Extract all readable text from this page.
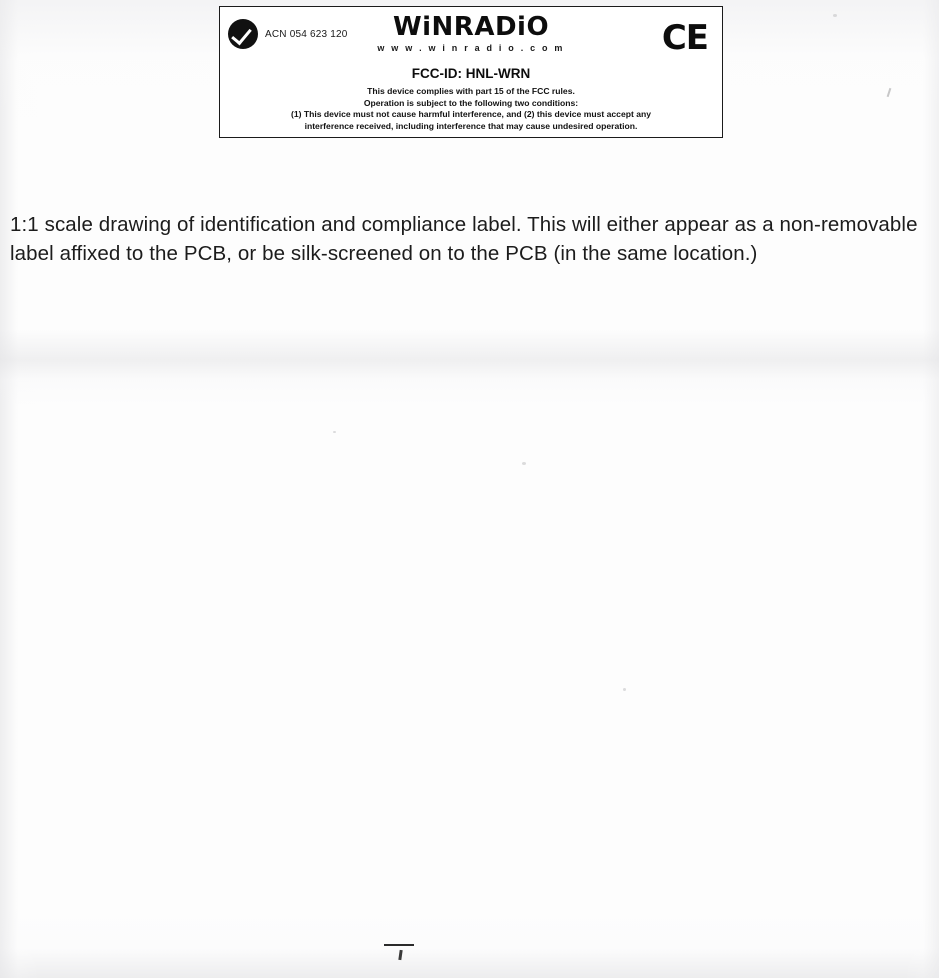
ACN 054 623 120	WiNRADiO
w w w . w i n r a d i o . c o m	CE
FCC-ID: HNL-WRN
This device complies with part 15 of the FCC rules.
Operation is subject to the following two conditions:
(1) This device must not cause harmful interference, and (2) this device must accept any
interference received, including interference that may cause undesired operation.
1:1 scale drawing of identification and compliance label. This will either appear as a non-removable label affixed to the PCB, or be silk-screened on to the PCB (in the same location.)
